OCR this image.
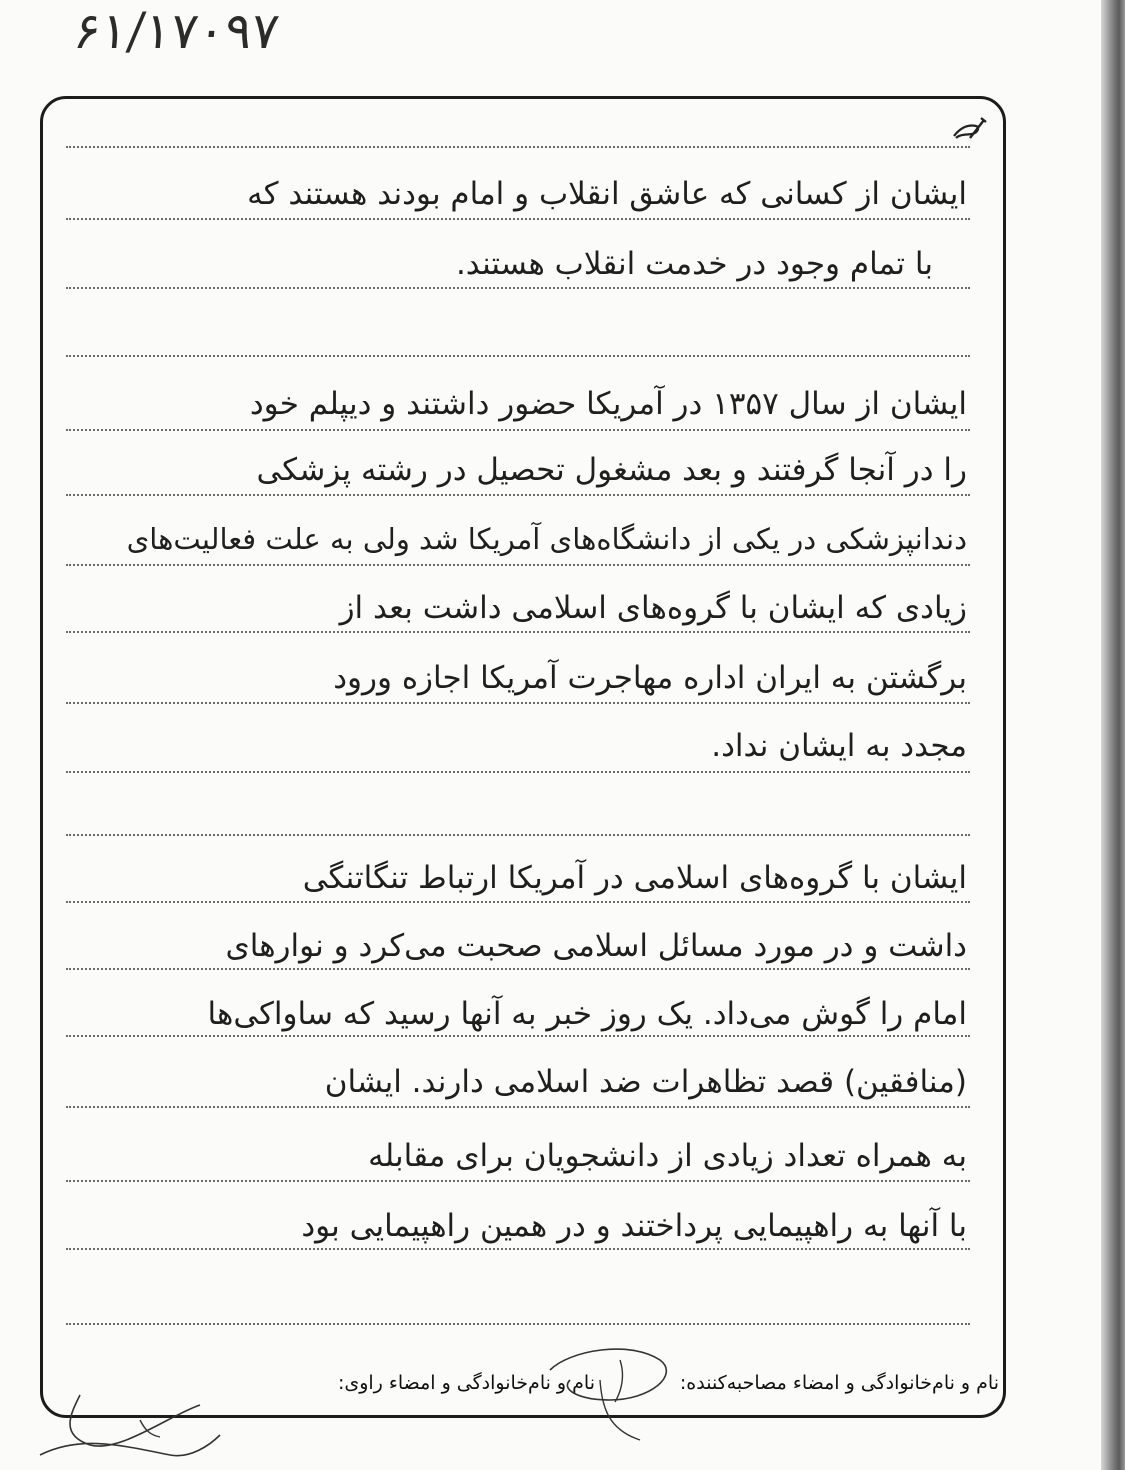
۶۱/۱۷۰۹۷
ایشان از کسانی که عاشق انقلاب و امام بودند هستند که
با تمام وجود در خدمت انقلاب هستند.
ایشان از سال ۱۳۵۷ در آمریکا حضور داشتند و دیپلم خود
را در آنجا گرفتند و بعد مشغول تحصیل در رشته پزشکی
دندانپزشکی در یکی از دانشگاه‌های آمریکا شد ولی به علت فعالیت‌های
زیادی که ایشان با گروه‌های اسلامی داشت بعد از
برگشتن به ایران اداره مهاجرت آمریکا اجازه ورود
مجدد به ایشان نداد.
ایشان با گروه‌های اسلامی در آمریکا ارتباط تنگاتنگی
داشت و در مورد مسائل اسلامی صحبت می‌کرد و نوارهای
امام را گوش می‌داد. یک روز خبر به آنها رسید که ساواکی‌ها
(منافقین) قصد تظاهرات ضد اسلامی دارند. ایشان
به همراه تعداد زیادی از دانشجویان برای مقابله
با آنها به راهپیمایی پرداختند و در همین راهپیمایی بود
نام و نام‌خانوادگی و امضاء مصاحبه‌کننده:
نام و نام‌خانوادگی و امضاء راوی:
